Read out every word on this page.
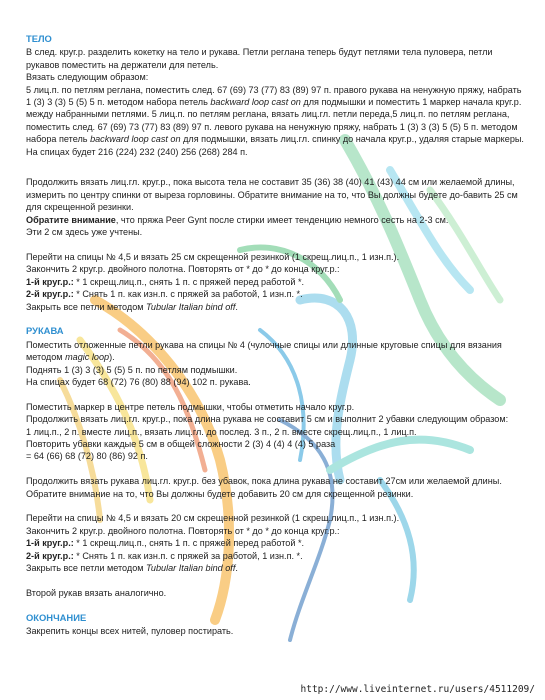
ТЕЛО

В след. круг.р. разделить кокетку на тело и рукава. Петли реглана теперь будут петлями тела пуловера, петли рукавов поместить на держатели для петель.

Вязать следующим образом:

5 лиц.п. по петлям реглана, поместить след. 67 (69) 73 (77) 83 (89) 97 п. правого рукава на ненужную пряжу, набрать 1 (3) 3 (3) 5 (5) 5 п. методом набора петель backward loop cast on для подмышки и поместить 1 маркер начала круг.р. между набранными петлями. 5 лиц.п. по петлям реглана, вязать лиц.гл. петли переда,5 лиц.п. по петлям реглана, поместить след. 67 (69) 73 (77) 83 (89) 97 п. левого рукава на ненужную пряжу, набрать 1 (3) 3 (3) 5 (5) 5 п. методом набора петель backward loop cast on для подмышки, вязать лиц.гл. спинку до начала круг.р., удаляя старые маркеры.

На спицах будет 216 (224) 232 (240) 256 (268) 284 п.

Продолжить вязать лиц.гл. круг.р., пока высота тела не составит 35 (36) 38 (40) 41 (43) 44 см или желаемой длины, измерить по центру спинки от выреза горловины. Обратите внимание на то, что Вы должны будете до-бавить 25 см для скрещенной резинки.

Обратите внимание, что пряжа Peer Gynt после стирки имеет тенденцию немного сесть на 2-3 см.

Эти 2 см здесь уже учтены.

Перейти на спицы № 4,5 и вязать 25 см скрещенной резинкой (1 скрещ.лиц.п., 1 изн.п.).

Закончить 2 круг.р. двойного полотна. Повторять от * до * до конца круг.р.:

1-й круг.р.: * 1 скрещ.лиц.п., снять 1 п. с пряжей перед работой *.

2-й круг.р.: * Снять 1 п. как изн.п. с пряжей за работой, 1 изн.п. *.

Закрыть все петли методом Tubular Italian bind off.

РУКАВА

Поместить отложенные петли рукава на спицы № 4 (чулочные спицы или длинные круговые спицы для вязания методом magic loop).

Поднять 1 (3) 3 (3) 5 (5) 5 п. по петлям подмышки.

На спицах будет 68 (72) 76 (80) 88 (94) 102 п. рукава.

Поместить маркер в центре петель подмышки, чтобы отметить начало круг.р.

Продолжить вязать лиц.гл. круг.р., пока длина рукава не составит 5 см и выполнит 2 убавки следующим образом:

1 лиц.п., 2 п. вместе лиц.п., вязать лиц.гл. до послед. 3 п., 2 п. вместе скрещ.лиц.п., 1 лиц.п.

Повторить убавки каждые 5 см в общей сложности 2 (3) 4 (4) 4 (4) 5 раза

= 64 (66) 68 (72) 80 (86) 92 п.

Продолжить вязать рукава лиц.гл. круг.р. без убавок, пока длина рукава не составит 27см или желаемой длины.

Обратите внимание на то, что Вы должны будете добавить 20 см для скрещенной резинки.

Перейти на спицы № 4,5 и вязать 20 см скрещенной резинкой (1 скрещ.лиц.п., 1 изн.п.).

Закончить 2 круг.р. двойного полотна. Повторять от * до * до конца круг.р.:

1-й круг.р.: * 1 скрещ.лиц.п., снять 1 п. с пряжей перед работой *.

2-й круг.р.: * Снять 1 п. как изн.п. с пряжей за работой, 1 изн.п. *.

Закрыть все петли методом Tubular Italian bind off.

Второй рукав вязать аналогично.

ОКОНЧАНИЕ

Закрепить концы всех нитей, пуловер постирать.

http://www.liveinternet.ru/users/4511209/
